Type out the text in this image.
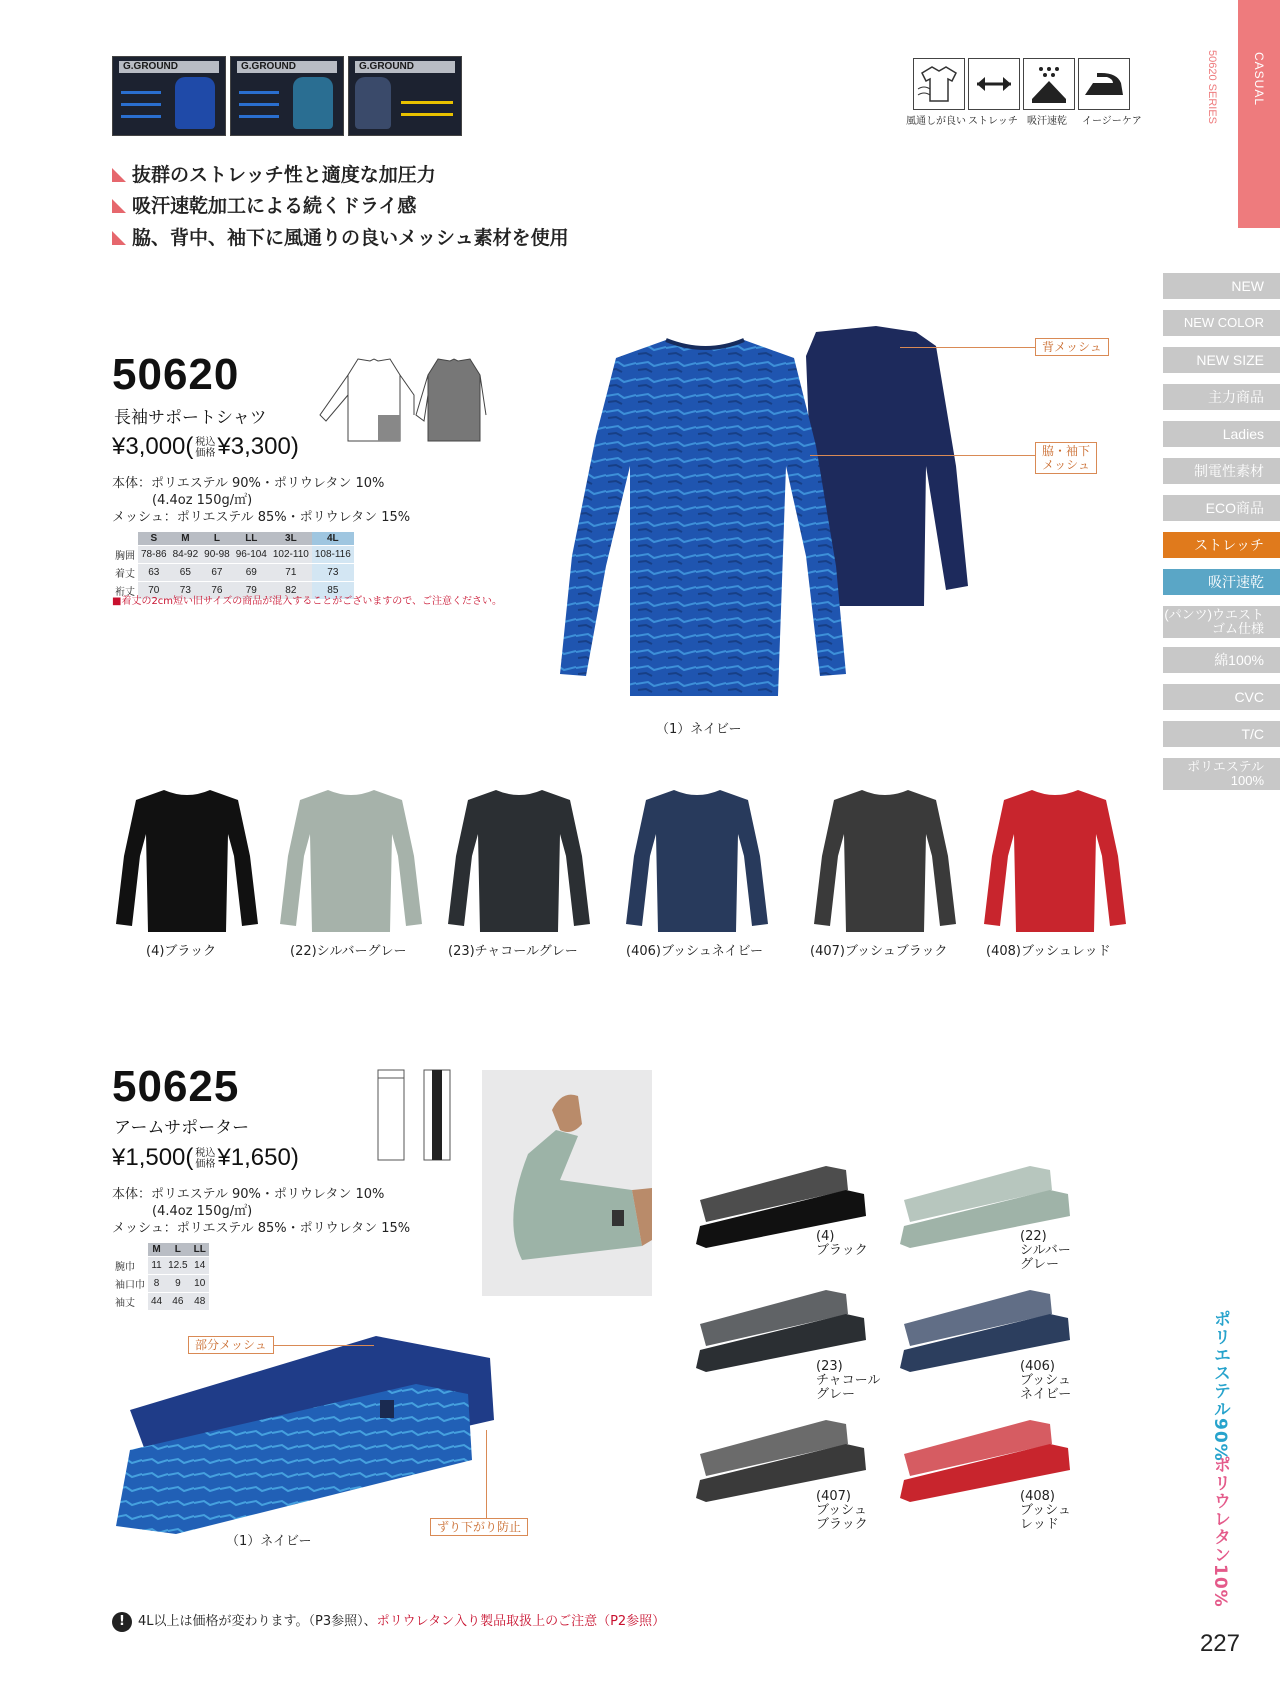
G.GROUND	G.GROUND	G.GROUND
風通しが良い ストレッチ 吸汗速乾 イージーケア
CASUAL
50620 SERIES
NEW
NEW COLOR
NEW SIZE
主力商品
Ladies
制電性素材
ECO商品
ストレッチ
吸汗速乾
(パンツ)ウエスト
ゴム仕様
綿100%
CVC
T/C
ポリエステル
100%
抜群のストレッチ性と適度な加圧力
吸汗速乾加工による続くドライ感
脇、背中、袖下に風通りの良いメッシュ素材を使用
50620
長袖サポートシャツ
¥3,000( 税込
価格¥3,300)
本体：ポリエステル 90%・ポリウレタン 10%
(4.4oz 150g/㎡)
メッシュ：ポリエステル 85%・ポリウレタン 15%
	S	M	L	LL	3L	4L
胸囲	78-86	84-92	90-98	96-104	102-110	108-116
着丈	63	65	67	69	71	73
裄丈	70	73	76	79	82	85
■着丈の2cm短い旧サイズの商品が混入することがございますので、ご注意ください。
背メッシュ
脇・袖下
メッシュ
（1）ネイビー
(4)ブラック	(22)シルバーグレー	(23)チャコールグレー	(406)ブッシュネイビー	(407)ブッシュブラック	(408)ブッシュレッド
50625
アームサポーター
¥1,500( 税込
価格¥1,650)
本体：ポリエステル 90%・ポリウレタン 10%
(4.4oz 150g/㎡)
メッシュ：ポリエステル 85%・ポリウレタン 15%
	M	L	LL
腕巾	11	12.5	14
袖口巾	8	9	10
袖丈	44	46	48
部分メッシュ
ずり下がり防止
（1）ネイビー
(4)
ブラック
(22)
シルバー
グレー
(23)
チャコール
グレー
(406)
ブッシュ
ネイビー
(407)
ブッシュ
ブラック
(408)
ブッシュ
レッド
ポリエステル90%
ポリウレタン10%
! 4L以上は価格が変わります。（P3参照）、ポリウレタン入り製品取扱上のご注意（P2参照）
227
